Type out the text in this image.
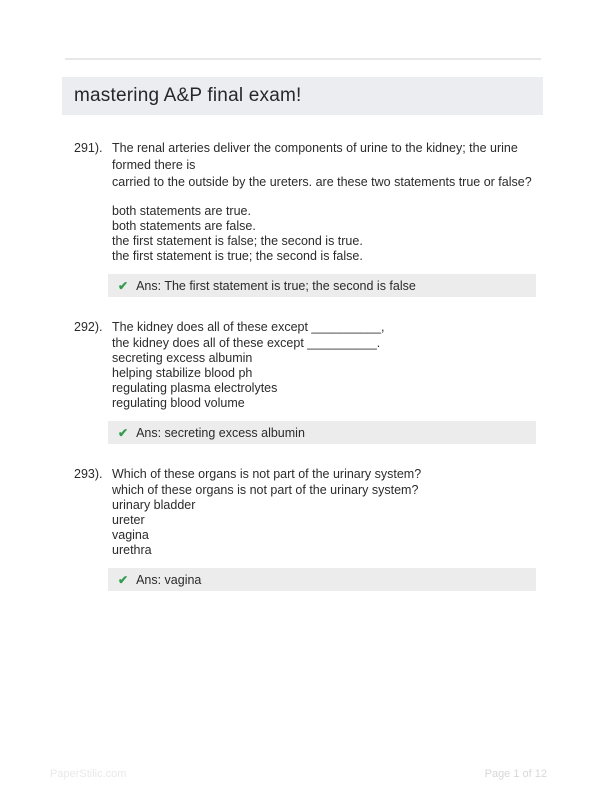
mastering A&P final exam!
291). The renal arteries deliver the components of urine to the kidney; the urine formed there is
carried to the outside by the ureters. are these two statements true or false?
both statements are true.
both statements are false.
the first statement is false; the second is true.
the first statement is true; the second is false.
✔ Ans: The first statement is true; the second is false
292). The kidney does all of these except __________,
the kidney does all of these except __________.
secreting excess albumin
helping stabilize blood ph
regulating plasma electrolytes
regulating blood volume
✔ Ans: secreting excess albumin
293). Which of these organs is not part of the urinary system?
which of these organs is not part of the urinary system?
urinary bladder
ureter
vagina
urethra
✔ Ans: vagina
PaperStilic.com	Page 1 of 12
